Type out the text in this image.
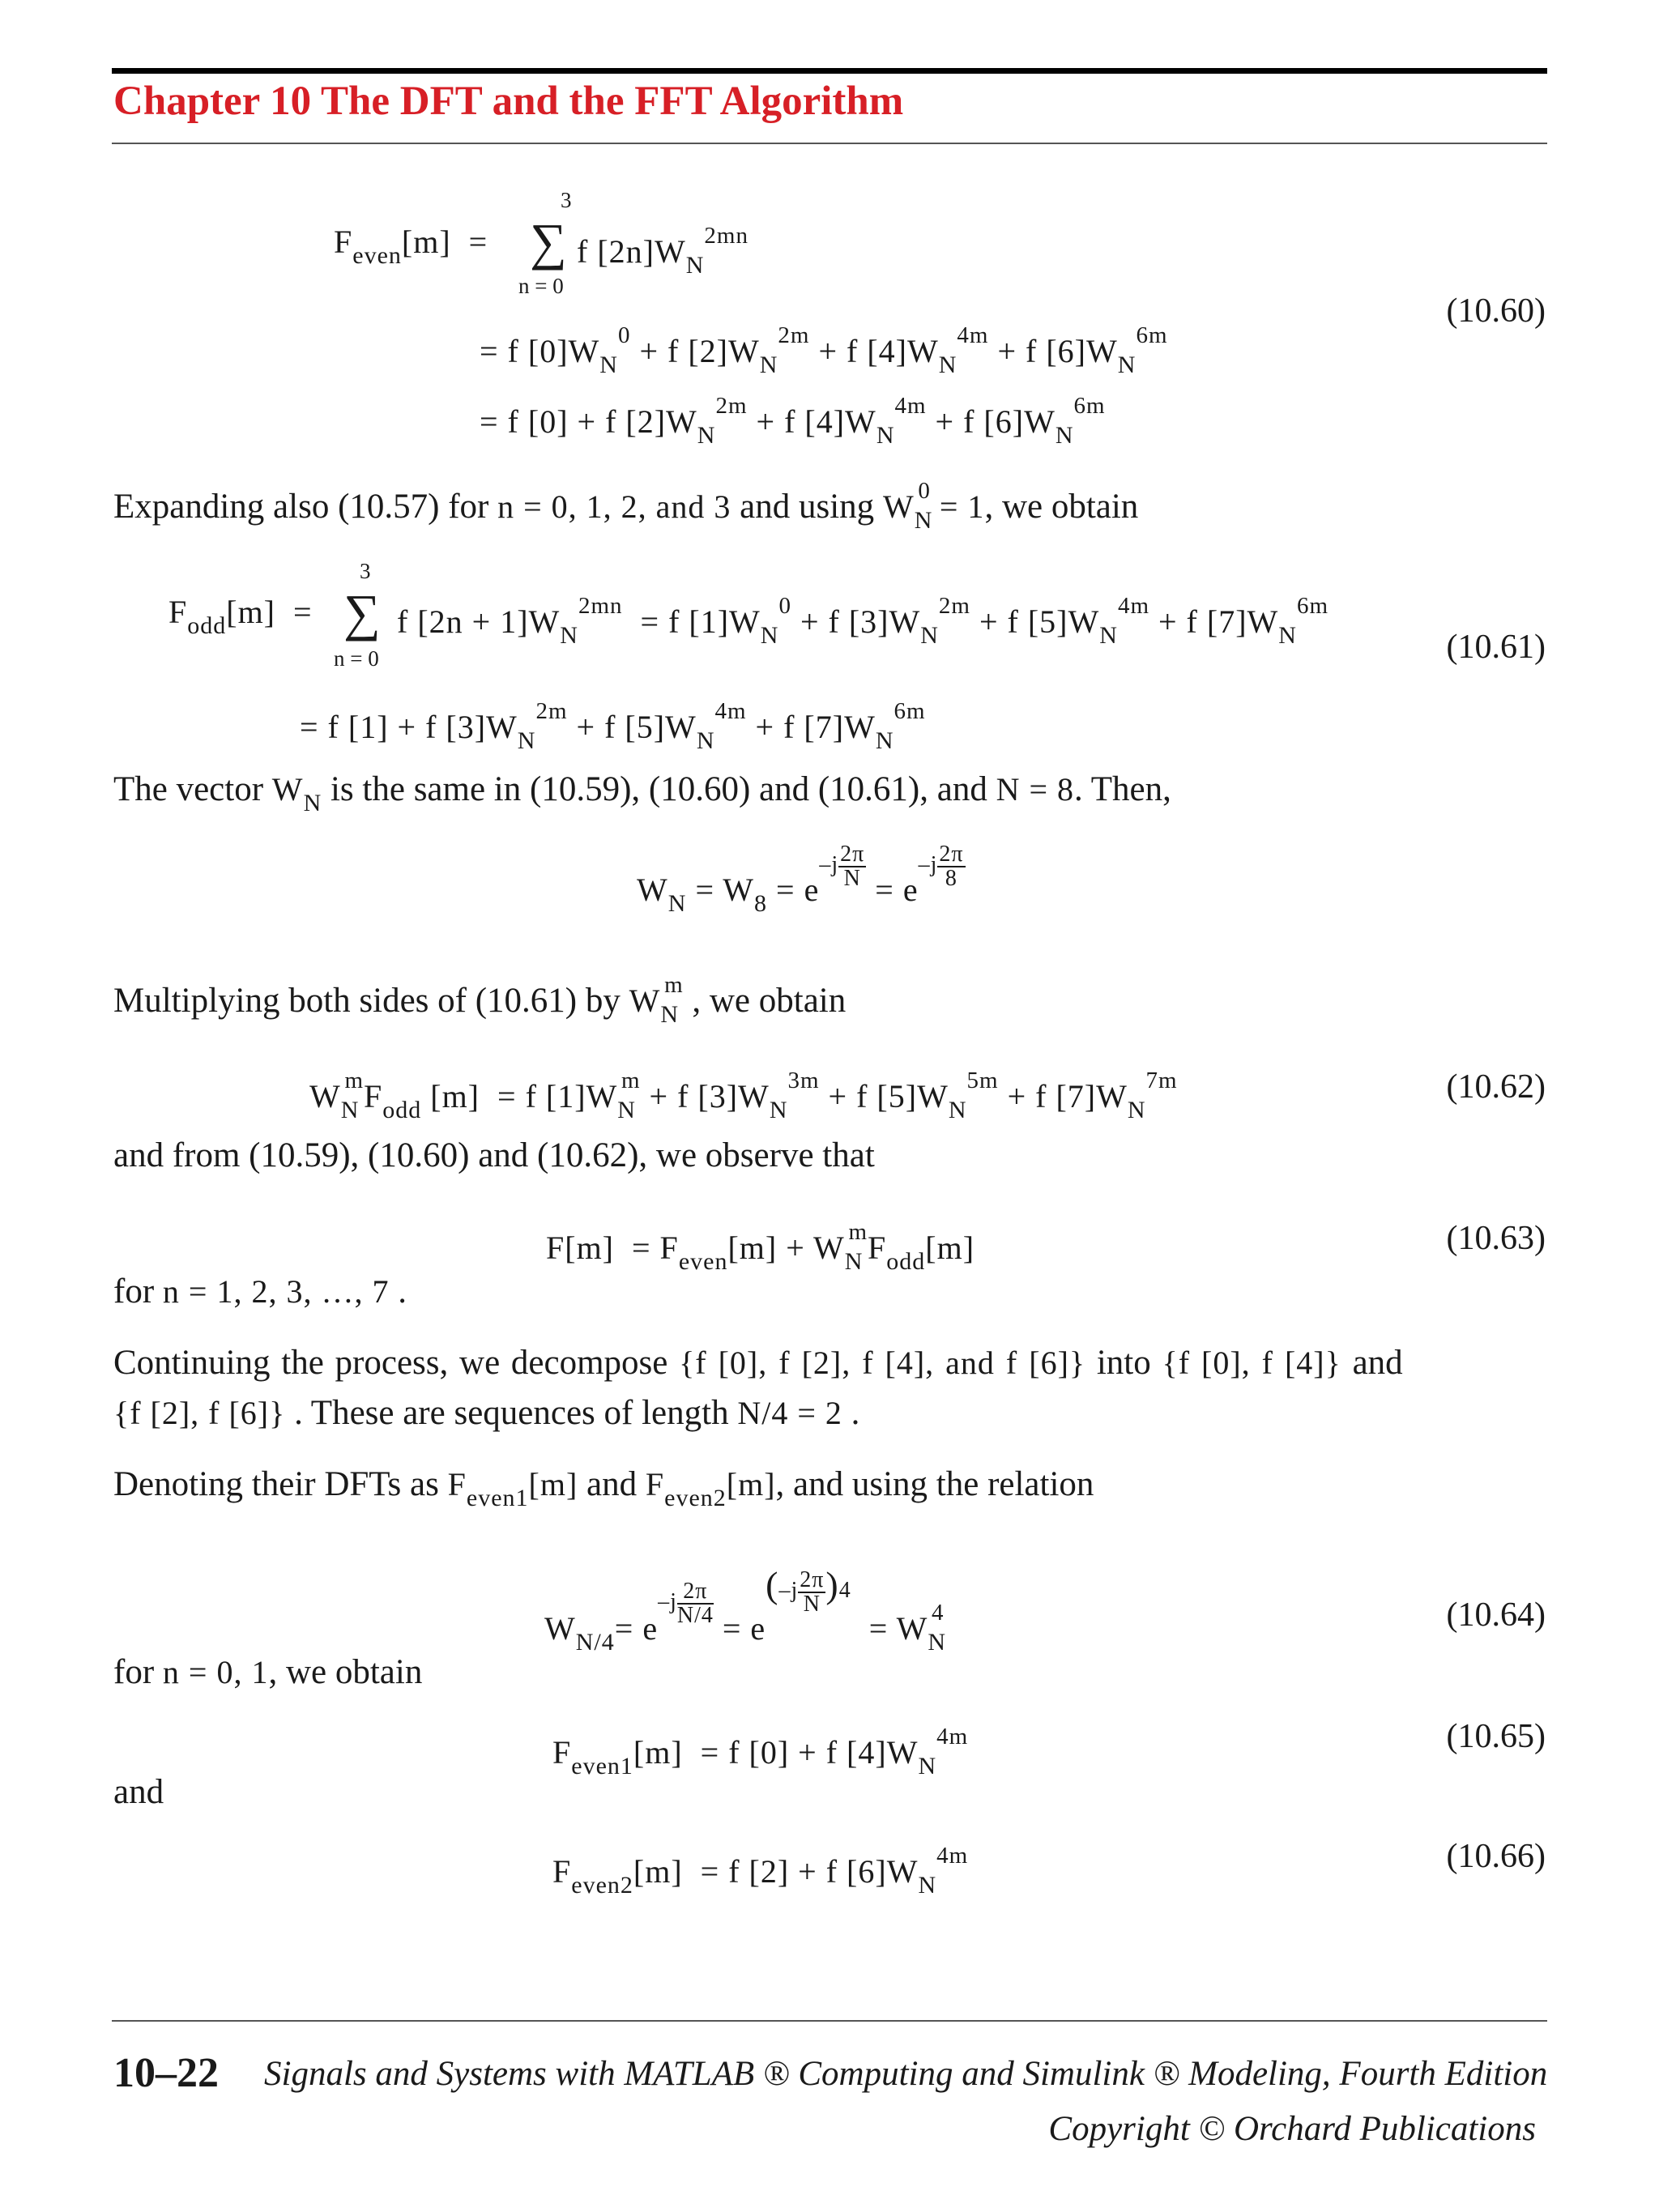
Chapter 10 The DFT and the FFT Algorithm
$F_{even}[m]$  =
3
∑
n = 0
f $[2n]W_N^{2mn}$
= f $[0]W_N^0 + f$ $[2]W_N^{2m} + f$ $[4]W_N^{4m} + f$ $[6]W_N^{6m}$
= f [0] + f $[2]W_N^{2m} + f$ $[4]W_N^{4m} + f$ $[6]W_N^{6m}$
(10.60)
Expanding also (10.57) for n = 0, 1, 2, and 3 and using $W_N^0 = 1$, we obtain
$F_{odd}[m]$  =
3
∑
n = 0
f $[2n + 1]W_N^{2mn} = f$ $[1]W_N^0 + f$ $[3]W_N^{2m} + f$ $[5]W_N^{4m} + f$ $[7]W_N^{6m}$
= f [1] + f $[3]W_N^{2m} + f$ $[5]W_N^{4m} + f$ $[7]W_N^{6m}$
(10.61)
The vector $W_N$ is the same in (10.59), (10.60) and (10.61), and N = 8. Then,
$W_N = W_8 = e^{-j \frac{2\pi}{N}} = e^{-j \frac{2\pi}{8}}$
Multiplying both sides of (10.61) by $W_N^m$ , we obtain
$W_N^mF_{odd}$ [m] = f $[1]W_N^m + f$ $[3]W_N^{3m} + f$ $[5]W_N^{5m} + f$ $[7]W_N^{7m}$	(10.62)
and from (10.59), (10.60) and (10.62), we observe that
$F[m] = F_{even}[m] + W_N^mF_{odd}[m]$	(10.63)
for n = 1, 2, 3, …, 7 .
Continuing the process, we decompose {f [0], f [2], f [4], and f [6]} into {f [0], f [4]} and
{f [2], f [6]} . These are sequences of length N/4 = 2 .
Denoting their DFTs as $F_{even1}[m]$ and $F_{even2}[m]$, and using the relation
$W_{N/4}= e^{-j \frac{2\pi}{N/4}}$
= $e^{(-j \frac{2\pi}{N} )4} = W_N^4$	(10.64)
for n = 0, 1, we obtain
$F_{even1}[m] = f$ [0] + f $[4]W_N^{4m}$	(10.65)
and
$F_{even2}[m] = f$ [2] + f $[6]W_N^{4m}$	(10.66)
10–22 Signals and Systems with MATLAB ® Computing and Simulink ® Modeling, Fourth Edition
Copyright © Orchard Publications
